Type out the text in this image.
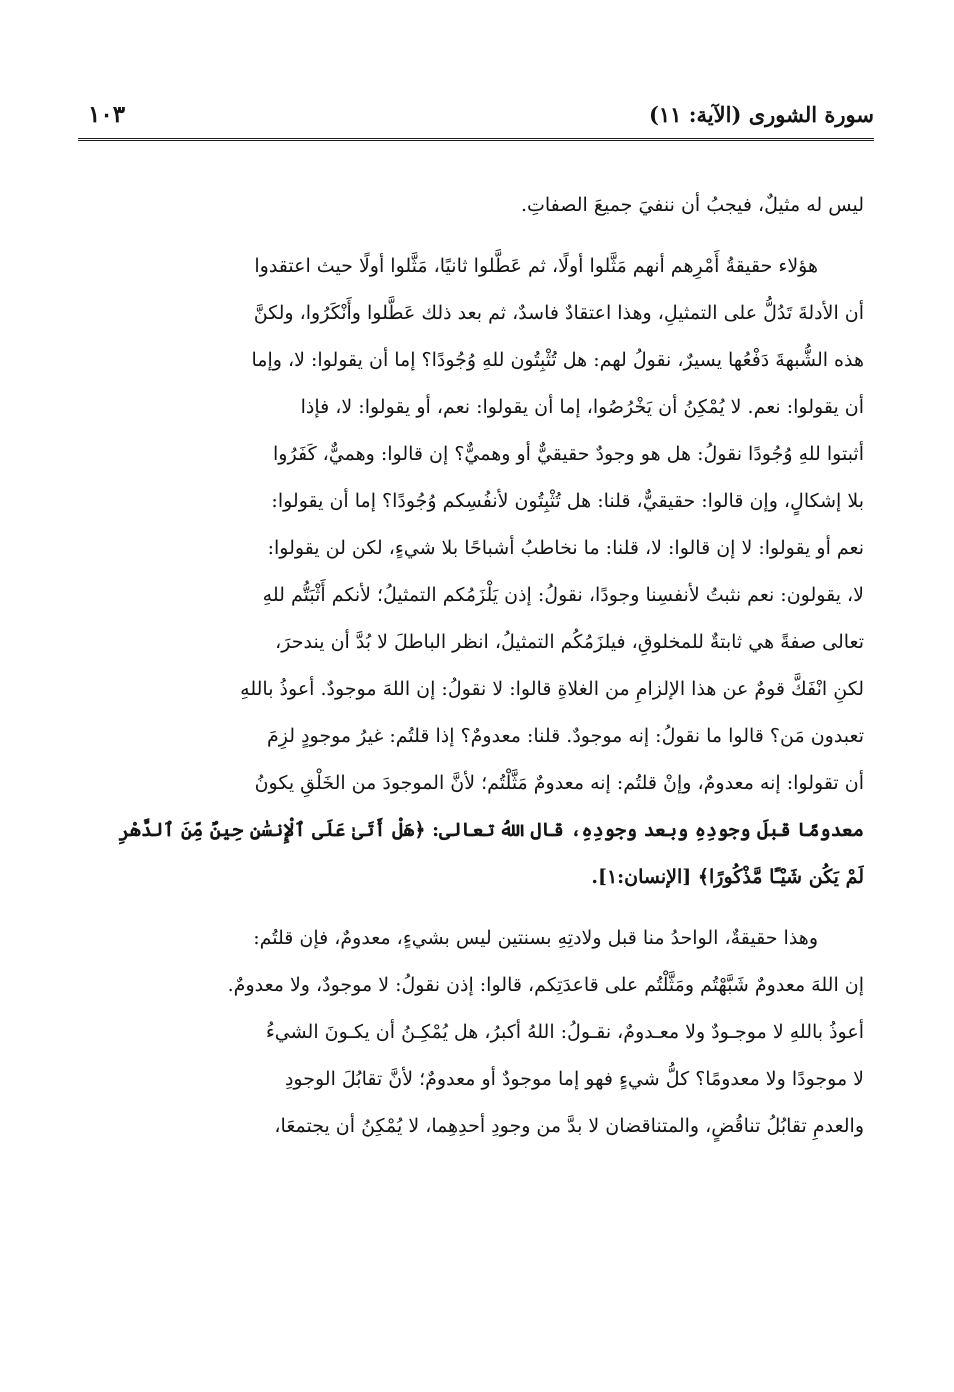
سورة الشورى (الآية: ١١)
١٠٣
ليس له مثيلٌ، فيجبُ أن ننفيَ جميعَ الصفاتِ.
هؤلاء حقيقةُ أَمْرِهم أنهم مَثَّلوا أولًا، ثم عَطَّلوا ثانيًا، مَثَّلوا أولًا حيث اعتقدوا
أن الأدلةَ تَدُلُّ على التمثيلِ، وهذا اعتقادٌ فاسدٌ، ثم بعد ذلك عَطَّلوا وأَنْكَرُوا، ولكنَّ
هذه الشُّبهةَ دَفْعُها يسيرٌ، نقولُ لهم: هل تُثْبِتُون للهِ وُجُودًا؟ إما أن يقولوا: لا، وإما
أن يقولوا: نعم. لا يُمْكِنُ أن يَخْرُصُوا، إما أن يقولوا: نعم، أو يقولوا: لا، فإذا
أثبتوا للهِ وُجُودًا نقولُ: هل هو وجودٌ حقيقيٌّ أو وهميٌّ؟ إن قالوا: وهميٌّ، كَفَرُوا
بلا إشكالٍ، وإن قالوا: حقيقيٌّ، قلنا: هل تُثْبِتُون لأنفُسِكم وُجُودًا؟ إما أن يقولوا:
نعم أو يقولوا: لا إن قالوا: لا، قلنا: ما نخاطبُ أشباحًا بلا شيءٍ، لكن لن يقولوا:
لا، يقولون: نعم نثبتُ لأنفسِنا وجودًا، نقولُ: إذن يَلْزَمُكم التمثيلُ؛ لأنكم أَثْبَتُّم للهِ
تعالى صفةً هي ثابتةٌ للمخلوقِ، فيلزَمُكُم التمثيلُ، انظر الباطلَ لا بُدَّ أن يندحرَ،
لكنِ انْفَكَّ قومٌ عن هذا الإلزامِ من الغلاةِ قالوا: لا نقولُ: إن اللهَ موجودٌ. أعوذُ باللهِ
تعبدون مَن؟ قالوا ما نقولُ: إنه موجودٌ. قلنا: معدومٌ؟ إذا قلتُم: غيرُ موجودٍ لزِمَ
أن تقولوا: إنه معدومٌ، وإنْ قلتُم: إنه معدومٌ مَثَّلْتُم؛ لأنَّ الموجودَ من الخَلْقِ يكونُ
معدومًا قبلَ وجودِهِ وبعد وجودِهِ، قال اللهُ تعالى: ﴿هَلْ أَتَىٰ عَلَى ٱلْإِنسَٰنِ حِينٌ مِّنَ ٱلدَّهْرِ
لَمْ يَكُن شَيْـًٔا مَّذْكُورًا﴾ [الإنسان:١].
وهذا حقيقةٌ، الواحدُ منا قبل ولادتِهِ بسنتين ليس بشيءٍ، معدومٌ، فإن قلتُم:
إن اللهَ معدومٌ شَبَّهْتُم ومَثَّلْتُم على قاعدَتِكم، قالوا: إذن نقولُ: لا موجودٌ، ولا معدومٌ.
أعوذُ باللهِ لا موجـودٌ ولا معـدومٌ، نقـولُ: اللهُ أكبرُ، هل يُمْكِـنُ أن يكـونَ الشيءُ
لا موجودًا ولا معدومًا؟ كلُّ شيءٍ فهو إما موجودٌ أو معدومٌ؛ لأنَّ تقابُلَ الوجودِ
والعدمِ تقابُلُ تناقُضٍ، والمتناقضان لا بدَّ من وجودِ أحدِهِما، لا يُمْكِنُ أن يجتمعَا،
